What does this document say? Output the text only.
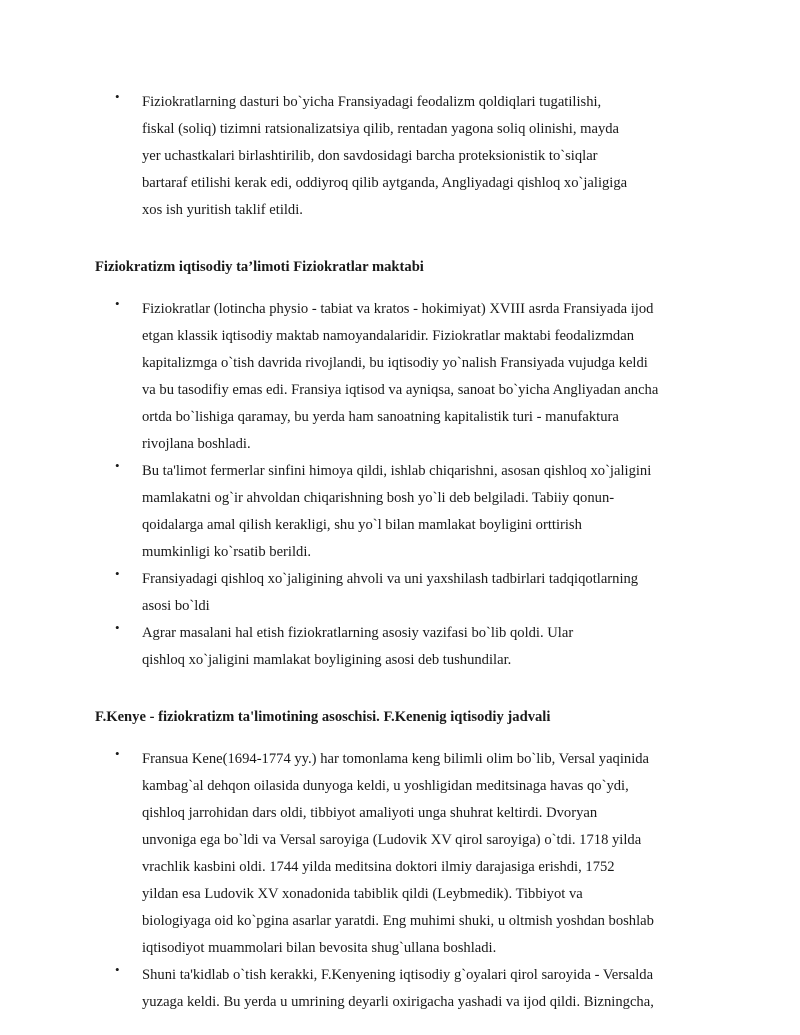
• Fiziokratlarning dasturi bo`yicha Fransiyadagi feodalizm qoldiqlari tugatilishi,
fiskal (soliq) tizimni ratsionalizatsiya qilib, rentadan yagona soliq olinishi, mayda
yer uchastkalari birlashtirilib, don savdosidagi barcha proteksionistik to`siqlar
bartaraf etilishi kerak edi, oddiyroq qilib aytganda, Angliyadagi qishloq xo`jaligiga
xos ish yuritish taklif etildi.
Fiziokratizm iqtisodiy ta’limoti Fiziokratlar maktabi
• Fiziokratlar (lotincha physio - tabiat va kratos - hokimiyat) XVIII asrda Fransiyada ijod
etgan klassik iqtisodiy maktab namoyandalaridir. Fiziokratlar maktabi feodalizmdan
kapitalizmga o`tish davrida rivojlandi, bu iqtisodiy yo`nalish Fransiyada vujudga keldi
va bu tasodifiy emas edi. Fransiya iqtisod va ayniqsa, sanoat bo`yicha Angliyadan ancha
ortda bo`lishiga qaramay, bu yerda ham sanoatning kapitalistik turi - manufaktura
rivojlana boshladi.
• Bu ta'limot fermerlar sinfini himoya qildi, ishlab chiqarishni, asosan qishloq xo`jaligini
mamlakatni og`ir ahvoldan chiqarishning bosh yo`li deb belgiladi. Tabiiy qonun-
qoidalarga amal qilish kerakligi, shu yo`l bilan mamlakat boyligini orttirish
mumkinligi ko`rsatib berildi.
• Fransiyadagi qishloq xo`jaligining ahvoli va uni yaxshilash tadbirlari tadqiqotlarning
asosi bo`ldi
• Agrar masalani hal etish fiziokratlarning asosiy vazifasi bo`lib qoldi. Ular
qishloq xo`jaligini mamlakat boyligining asosi deb tushundilar.
F.Kenye - fiziokratizm ta'limotining asoschisi. F.Kenenig iqtisodiy jadvali
• Fransua Kene(1694-1774 yy.) har tomonlama keng bilimli olim bo`lib, Versal yaqinida
kambag`al dehqon oilasida dunyoga keldi, u yoshligidan meditsinaga havas qo`ydi,
qishloq jarrohidan dars oldi, tibbiyot amaliyoti unga shuhrat keltirdi. Dvoryan
unvoniga ega bo`ldi va Versal saroyiga (Ludovik XV qirol saroyiga) o`tdi. 1718 yilda
vrachlik kasbini oldi. 1744 yilda meditsina doktori ilmiy darajasiga erishdi, 1752
yildan esa Ludovik XV xonadonida tabiblik qildi (Leybmedik). Tibbiyot va
biologiyaga oid ko`pgina asarlar yaratdi. Eng muhimi shuki, u oltmish yoshdan boshlab
iqtisodiyot muammolari bilan bevosita shug`ullana boshladi.
• Shuni ta'kidlab o`tish kerakki, F.Kenyening iqtisodiy g`oyalari qirol saroyida - Versalda
yuzaga keldi. Bu yerda u umrining deyarli oxirigacha yashadi va ijod qildi. Bizningcha,
